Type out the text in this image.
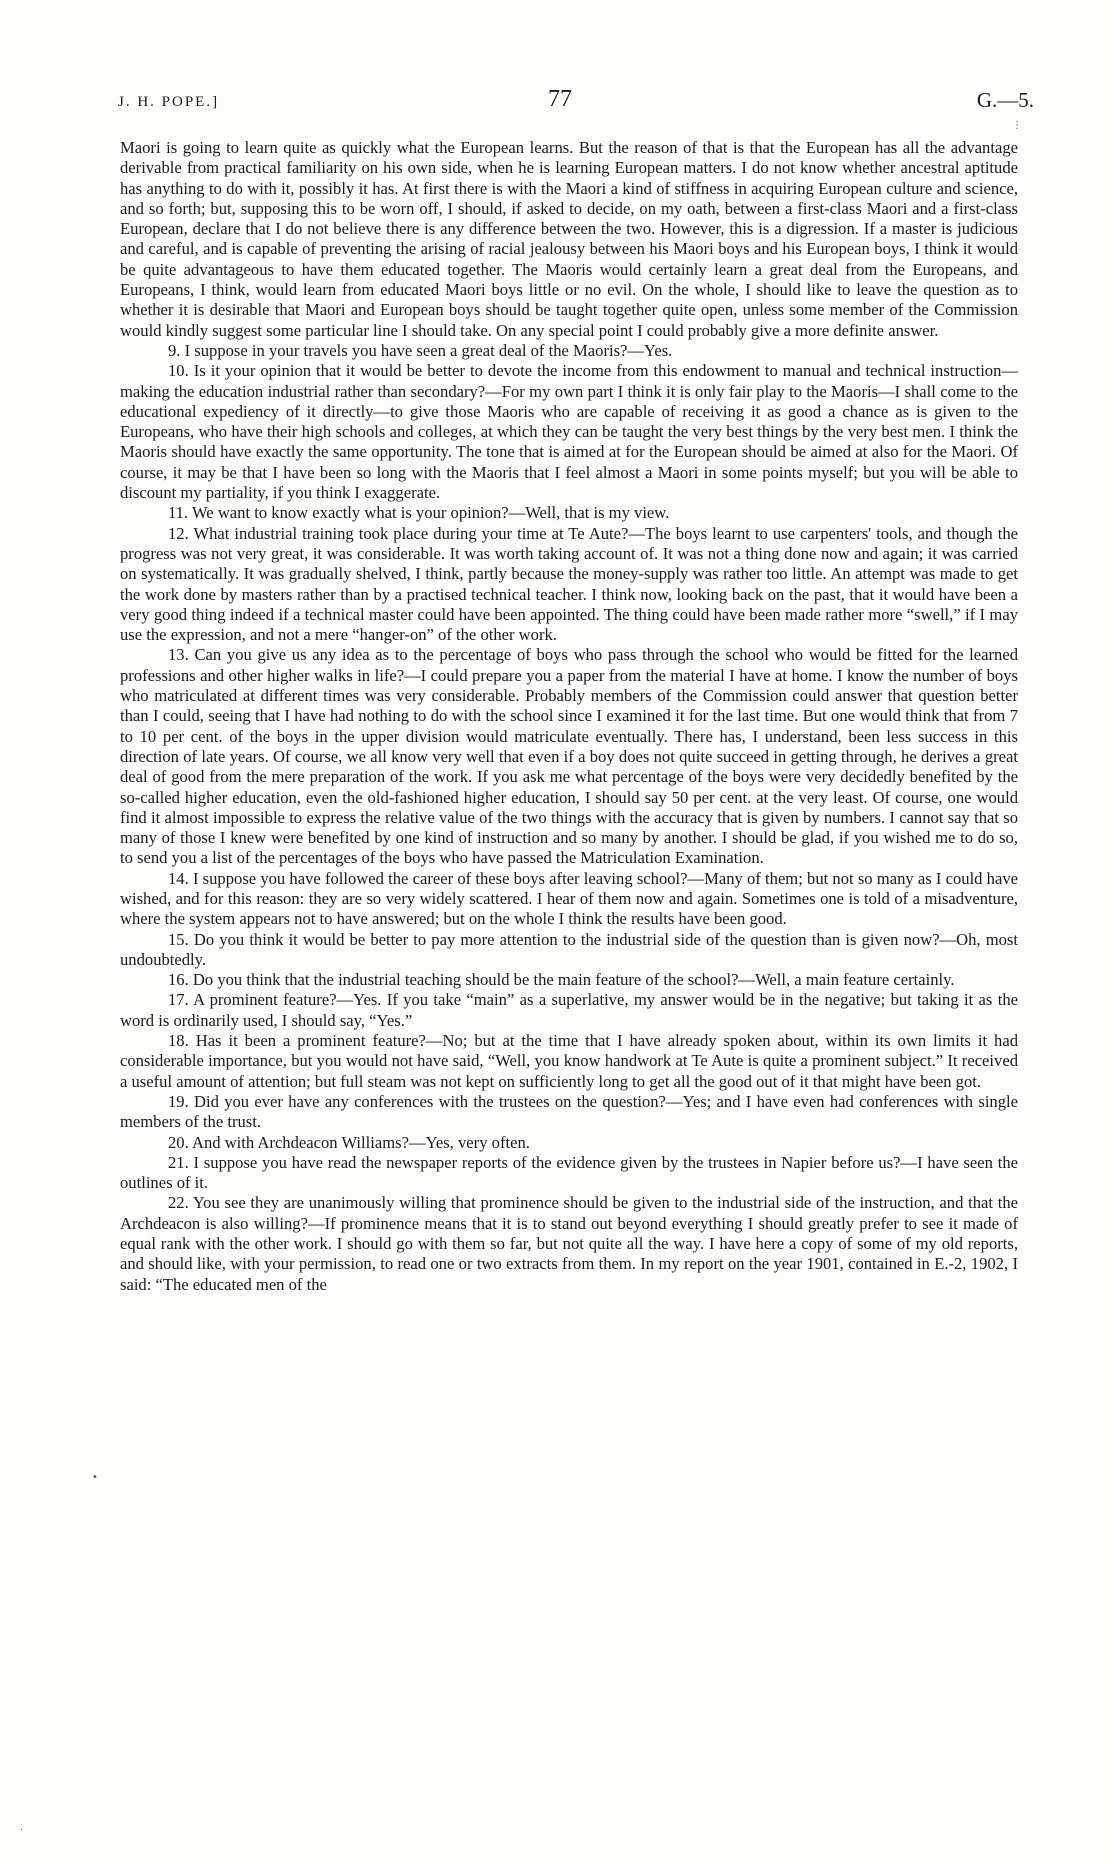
J. H. POPE.]	77	G.—5.

Maori is going to learn quite as quickly what the European learns. But the reason of that is that the European has all the advantage derivable from practical familiarity on his own side, when he is learning European matters. I do not know whether ancestral aptitude has anything to do with it, possibly it has. At first there is with the Maori a kind of stiffness in acquiring European culture and science, and so forth; but, supposing this to be worn off, I should, if asked to decide, on my oath, between a first-class Maori and a first-class European, declare that I do not believe there is any difference between the two. However, this is a digression. If a master is judicious and careful, and is capable of preventing the arising of racial jealousy between his Maori boys and his European boys, I think it would be quite advantageous to have them educated together. The Maoris would certainly learn a great deal from the Europeans, and Europeans, I think, would learn from educated Maori boys little or no evil. On the whole, I should like to leave the question as to whether it is desirable that Maori and European boys should be taught together quite open, unless some member of the Commission would kindly suggest some particular line I should take. On any special point I could probably give a more definite answer.

9. I suppose in your travels you have seen a great deal of the Maoris?—Yes.

10. Is it your opinion that it would be better to devote the income from this endowment to manual and technical instruction—making the education industrial rather than secondary?—For my own part I think it is only fair play to the Maoris—I shall come to the educational expediency of it directly—to give those Maoris who are capable of receiving it as good a chance as is given to the Europeans, who have their high schools and colleges, at which they can be taught the very best things by the very best men. I think the Maoris should have exactly the same opportunity. The tone that is aimed at for the European should be aimed at also for the Maori. Of course, it may be that I have been so long with the Maoris that I feel almost a Maori in some points myself; but you will be able to discount my partiality, if you think I exaggerate.

11. We want to know exactly what is your opinion?—Well, that is my view.

12. What industrial training took place during your time at Te Aute?—The boys learnt to use carpenters' tools, and though the progress was not very great, it was considerable. It was worth taking account of. It was not a thing done now and again; it was carried on systematically. It was gradually shelved, I think, partly because the money-supply was rather too little. An attempt was made to get the work done by masters rather than by a practised technical teacher. I think now, looking back on the past, that it would have been a very good thing indeed if a technical master could have been appointed. The thing could have been made rather more “swell,” if I may use the expression, and not a mere “hanger-on” of the other work.

13. Can you give us any idea as to the percentage of boys who pass through the school who would be fitted for the learned professions and other higher walks in life?—I could prepare you a paper from the material I have at home. I know the number of boys who matriculated at different times was very considerable. Probably members of the Commission could answer that question better than I could, seeing that I have had nothing to do with the school since I examined it for the last time. But one would think that from 7 to 10 per cent. of the boys in the upper division would matriculate eventually. There has, I understand, been less success in this direction of late years. Of course, we all know very well that even if a boy does not quite succeed in getting through, he derives a great deal of good from the mere preparation of the work. If you ask me what percentage of the boys were very decidedly benefited by the so-called higher education, even the old-fashioned higher education, I should say 50 per cent. at the very least. Of course, one would find it almost impossible to express the relative value of the two things with the accuracy that is given by numbers. I cannot say that so many of those I knew were benefited by one kind of instruction and so many by another. I should be glad, if you wished me to do so, to send you a list of the percentages of the boys who have passed the Matriculation Examination.

14. I suppose you have followed the career of these boys after leaving school?—Many of them; but not so many as I could have wished, and for this reason: they are so very widely scattered. I hear of them now and again. Sometimes one is told of a misadventure, where the system appears not to have answered; but on the whole I think the results have been good.

15. Do you think it would be better to pay more attention to the industrial side of the question than is given now?—Oh, most undoubtedly.

16. Do you think that the industrial teaching should be the main feature of the school?—Well, a main feature certainly.

17. A prominent feature?—Yes. If you take “main” as a superlative, my answer would be in the negative; but taking it as the word is ordinarily used, I should say, “Yes.”

18. Has it been a prominent feature?—No; but at the time that I have already spoken about, within its own limits it had considerable importance, but you would not have said, “Well, you know handwork at Te Aute is quite a prominent subject.” It received a useful amount of attention; but full steam was not kept on sufficiently long to get all the good out of it that might have been got.

19. Did you ever have any conferences with the trustees on the question?—Yes; and I have even had conferences with single members of the trust.

20. And with Archdeacon Williams?—Yes, very often.

21. I suppose you have read the newspaper reports of the evidence given by the trustees in Napier before us?—I have seen the outlines of it.

22. You see they are unanimously willing that prominence should be given to the industrial side of the instruction, and that the Archdeacon is also willing?—If prominence means that it is to stand out beyond everything I should greatly prefer to see it made of equal rank with the other work. I should go with them so far, but not quite all the way. I have here a copy of some of my old reports, and should like, with your permission, to read one or two extracts from them. In my report on the year 1901, contained in E.-2, 1902, I said: “The educated men of the

•
·
⋮
